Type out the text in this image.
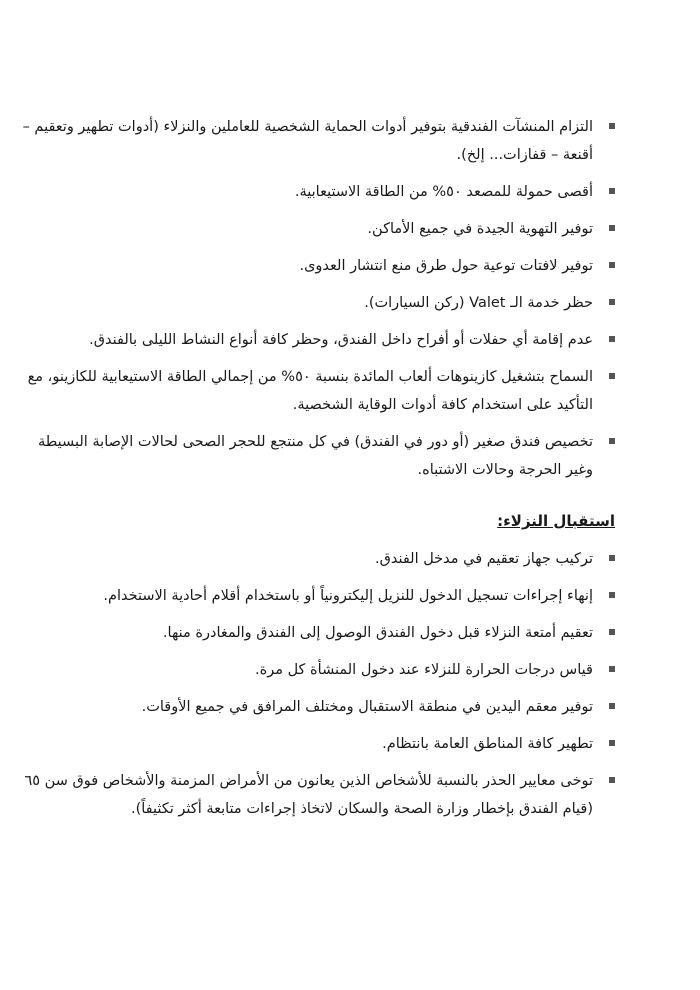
التزام المنشآت الفندقية بتوفير أدوات الحماية الشخصية للعاملين والنزلاء (أدوات تطهير وتعقيم – أقنعة – قفازات... إلخ).
أقصى حمولة للمصعد ٥٠% من الطاقة الاستيعابية.
توفير التهوية الجيدة في جميع الأماكن.
توفير لافتات توعية حول طرق منع انتشار العدوى.
حظر خدمة الـ Valet (ركن السيارات).
عدم إقامة أي حفلات أو أفراح داخل الفندق، وحظر كافة أنواع النشاط الليلى بالفندق.
السماح بتشغيل كازينوهات ألعاب المائدة بنسبة ٥٠% من إجمالي الطاقة الاستيعابية للكازينو، مع التأكيد على استخدام كافة أدوات الوقاية الشخصية.
تخصيص فندق صغير (أو دور في الفندق) في كل منتجع للحجر الصحى لحالات الإصابة البسيطة وغير الحرجة وحالات الاشتباه.
استقبال النزلاء:
تركيب جهاز تعقيم في مدخل الفندق.
إنهاء إجراءات تسجيل الدخول للنزيل إليكترونياً أو باستخدام أقلام أحادية الاستخدام.
تعقيم أمتعة النزلاء قبل دخول الفندق الوصول إلى الفندق والمغادرة منها.
قياس درجات الحرارة للنزلاء عند دخول المنشأة كل مرة.
توفير معقم اليدين في منطقة الاستقبال ومختلف المرافق في جميع الأوقات.
تطهير كافة المناطق العامة بانتظام.
توخى معايير الحذر بالنسبة للأشخاص الذين يعانون من الأمراض المزمنة والأشخاص فوق سن ٦٥ (قيام الفندق بإخطار وزارة الصحة والسكان لاتخاذ إجراءات متابعة أكثر تكثيفاً).
